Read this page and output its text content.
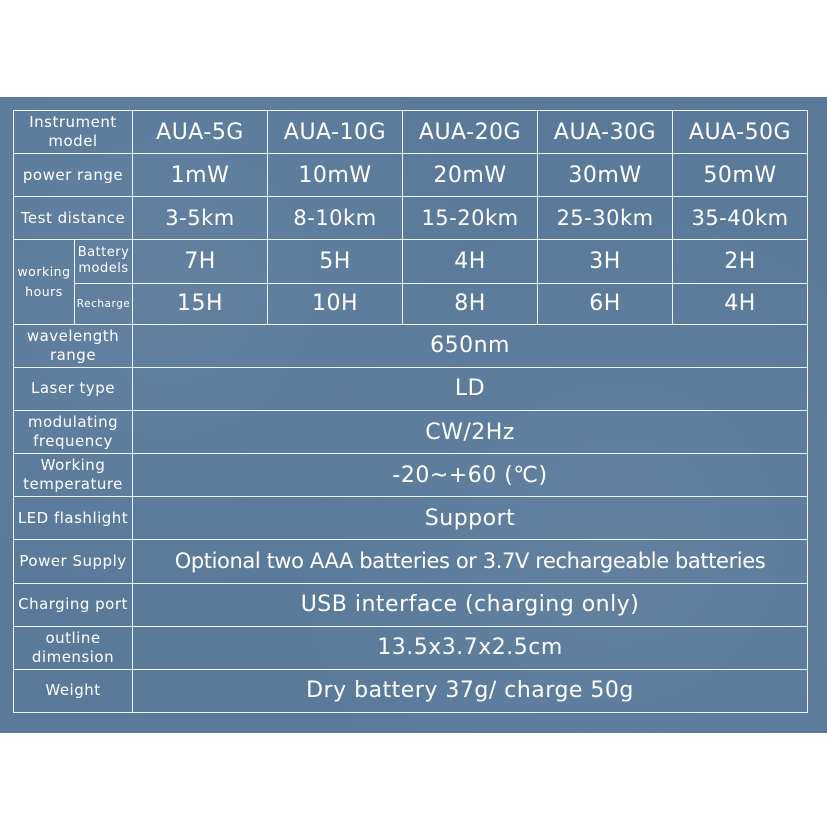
Instrument model		AUA-5G	AUA-10G	AUA-20G	AUA-30G	AUA-50G
power range		1mW	10mW	20mW	30mW	50mW
Test distance		3-5km	8-10km	15-20km	25-30km	35-40km
working hours	Battery models	7H	5H	4H	3H	2H
	Recharge	15H	10H	8H	6H	4H
wavelength range		650nm				
Laser type		LD				
modulating frequency		CW/2Hz				
Working temperature		-20~+60 (℃)				
LED flashlight		Support				
Power Supply		Optional two AAA batteries or 3.7V rechargeable batteries				
Charging port		USB interface (charging only)				
outline dimension		13.5x3.7x2.5cm				
Weight		Dry battery 37g/ charge 50g				
